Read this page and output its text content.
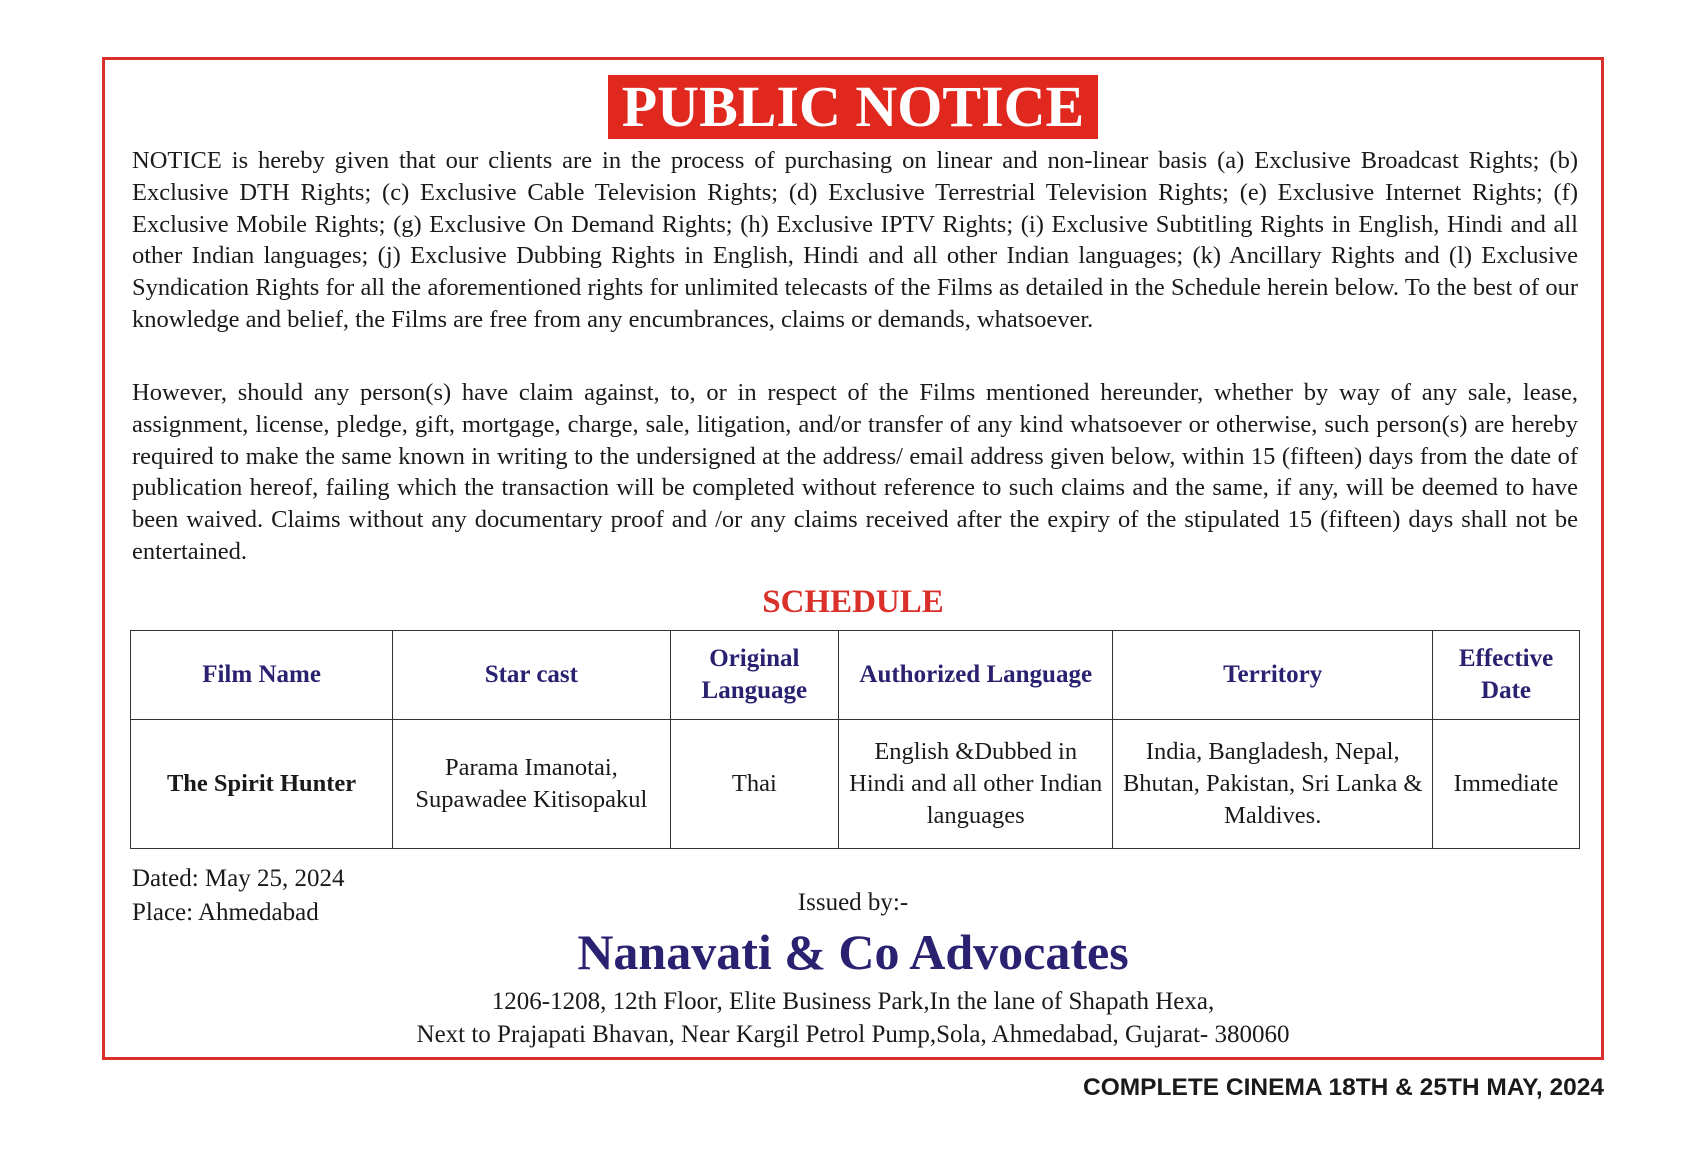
PUBLIC NOTICE

NOTICE is hereby given that our clients are in the process of purchasing on linear and non-linear basis (a) Exclusive Broadcast Rights; (b) Exclusive DTH Rights; (c) Exclusive Cable Television Rights; (d) Exclusive Terrestrial Television Rights; (e) Exclusive Internet Rights; (f) Exclusive Mobile Rights; (g) Exclusive On Demand Rights; (h) Exclusive IPTV Rights; (i) Exclusive Subtitling Rights in English, Hindi and all other Indian languages; (j) Exclusive Dubbing Rights in English, Hindi and all other Indian languages; (k) Ancillary Rights and (l) Exclusive Syndication Rights for all the aforementioned rights for unlimited telecasts of the Films as detailed in the Schedule herein below. To the best of our knowledge and belief, the Films are free from any encumbrances, claims or demands, whatsoever.

However, should any person(s) have claim against, to, or in respect of the Films mentioned hereunder, whether by way of any sale, lease, assignment, license, pledge, gift, mortgage, charge, sale, litigation, and/or transfer of any kind whatsoever or otherwise, such person(s) are hereby required to make the same known in writing to the undersigned at the address/ email address given below, within 15 (fifteen) days from the date of publication hereof, failing which the transaction will be completed without reference to such claims and the same, if any, will be deemed to have been waived. Claims without any documentary proof and /or any claims received after the expiry of the stipulated 15 (fifteen) days shall not be entertained.

SCHEDULE
Film Name	Star cast	Original Language	Authorized Language	Territory	Effective Date
The Spirit Hunter	Parama Imanotai, Supawadee Kitisopakul	Thai	English &Dubbed in Hindi and all other Indian languages	India, Bangladesh, Nepal, Bhutan, Pakistan, Sri Lanka & Maldives.	Immediate
Dated: May 25, 2024
Place: Ahmedabad	Issued by:-
Nanavati & Co Advocates
1206-1208, 12th Floor, Elite Business Park,In the lane of Shapath Hexa,
Next to Prajapati Bhavan, Near Kargil Petrol Pump,Sola, Ahmedabad, Gujarat- 380060
COMPLETE CINEMA 18TH & 25TH MAY, 2024
